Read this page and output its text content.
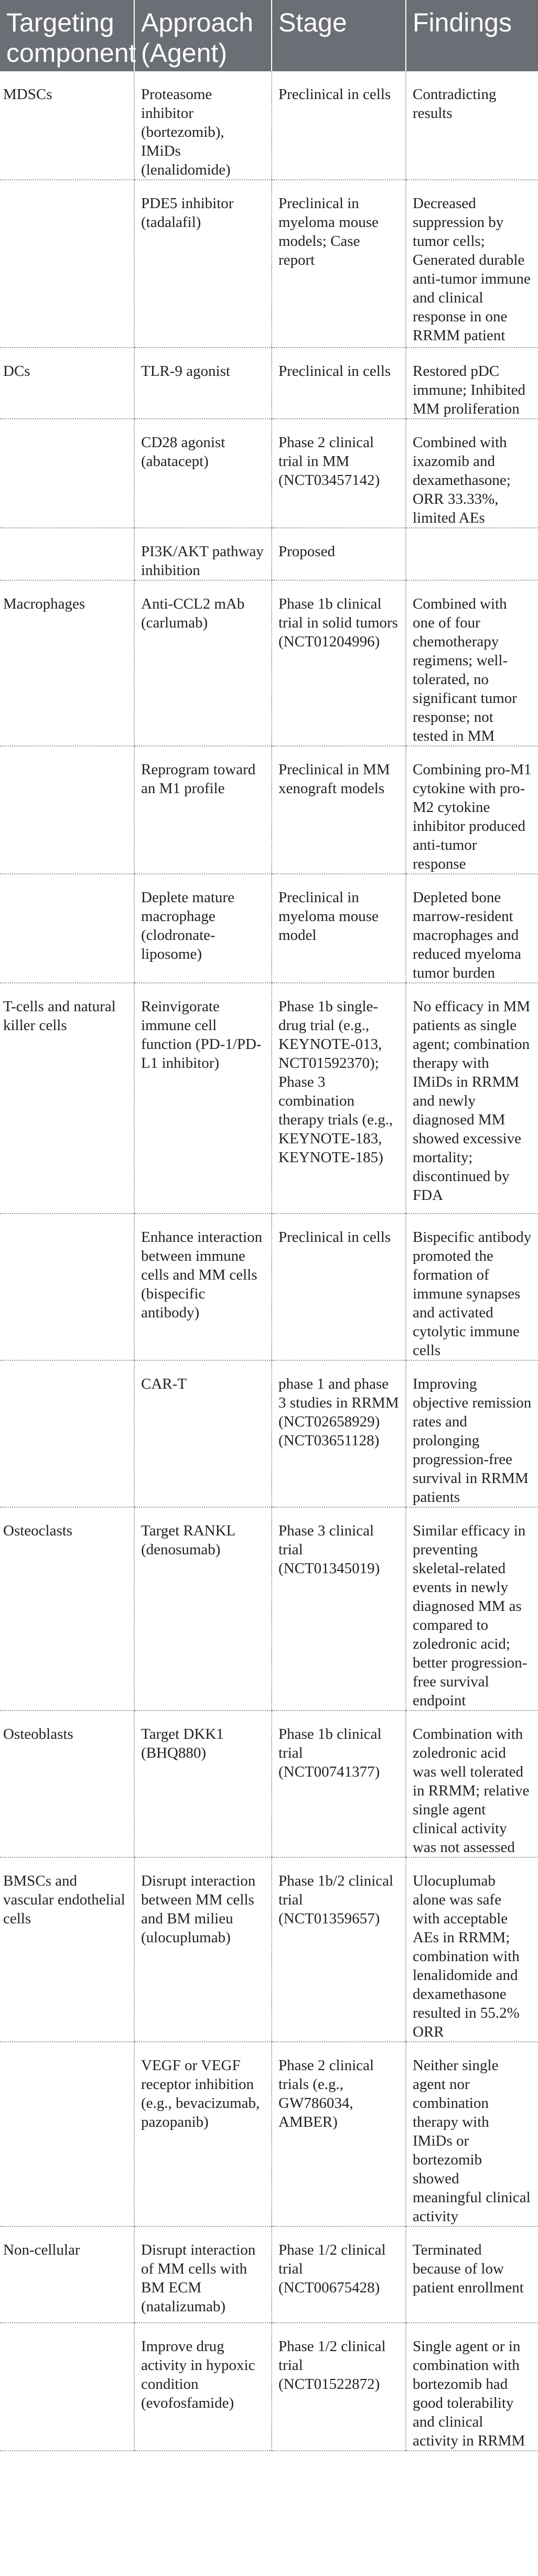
Targeting component	Approach (Agent)	Stage	Findings
MDSCs	Proteasome inhibitor (bortezomib), IMiDs (lenalidomide)	Preclinical in cells	Contradicting results
	PDE5 inhibitor (tadalafil)	Preclinical in myeloma mouse models; Case report	Decreased suppression by tumor cells; Generated durable anti-tumor immune and clinical response in one RRMM patient
DCs	TLR-9 agonist	Preclinical in cells	Restored pDC immune; Inhibited MM proliferation
	CD28 agonist (abatacept)	Phase 2 clinical trial in MM (NCT03457142)	Combined with ixazomib and dexamethasone; ORR 33.33%, limited AEs
	PI3K/AKT pathway inhibition	Proposed	
Macrophages	Anti-CCL2 mAb (carlumab)	Phase 1b clinical trial in solid tumors (NCT01204996)	Combined with one of four chemotherapy regimens; well-tolerated, no significant tumor response; not tested in MM
	Reprogram toward an M1 profile	Preclinical in MM xenograft models	Combining pro-M1 cytokine with pro-M2 cytokine inhibitor produced anti-tumor response
	Deplete mature macrophage (clodronate-liposome)	Preclinical in myeloma mouse model	Depleted bone marrow-resident macrophages and reduced myeloma tumor burden
T-cells and natural killer cells	Reinvigorate immune cell function (PD-1/PD-L1 inhibitor)	Phase 1b single-drug trial (e.g., KEYNOTE-013, NCT01592370); Phase 3 combination therapy trials (e.g., KEYNOTE-183, KEYNOTE-185)	No efficacy in MM patients as single agent; combination therapy with IMiDs in RRMM and newly diagnosed MM showed excessive mortality; discontinued by FDA
	Enhance interaction between immune cells and MM cells (bispecific antibody)	Preclinical in cells	Bispecific antibody promoted the formation of immune synapses and activated cytolytic immune cells
	CAR-T	phase 1 and phase 3 studies in RRMM (NCT02658929) (NCT03651128)	Improving objective remission rates and prolonging progression-free survival in RRMM patients
Osteoclasts	Target RANKL (denosumab)	Phase 3 clinical trial (NCT01345019)	Similar efficacy in preventing skeletal-related events in newly diagnosed MM as compared to zoledronic acid; better progression-free survival endpoint
Osteoblasts	Target DKK1 (BHQ880)	Phase 1b clinical trial (NCT00741377)	Combination with zoledronic acid was well tolerated in RRMM; relative single agent clinical activity was not assessed
BMSCs and vascular endothelial cells	Disrupt interaction between MM cells and BM milieu (ulocuplumab)	Phase 1b/2 clinical trial (NCT01359657)	Ulocuplumab alone was safe with acceptable AEs in RRMM; combination with lenalidomide and dexamethasone resulted in 55.2% ORR
	VEGF or VEGF receptor inhibition (e.g., bevacizumab, pazopanib)	Phase 2 clinical trials (e.g., GW786034, AMBER)	Neither single agent nor combination therapy with IMiDs or bortezomib showed meaningful clinical activity
Non-cellular	Disrupt interaction of MM cells with BM ECM (natalizumab)	Phase 1/2 clinical trial (NCT00675428)	Terminated because of low patient enrollment
	Improve drug activity in hypoxic condition (evofosfamide)	Phase 1/2 clinical trial (NCT01522872)	Single agent or in combination with bortezomib had good tolerability and clinical activity in RRMM
